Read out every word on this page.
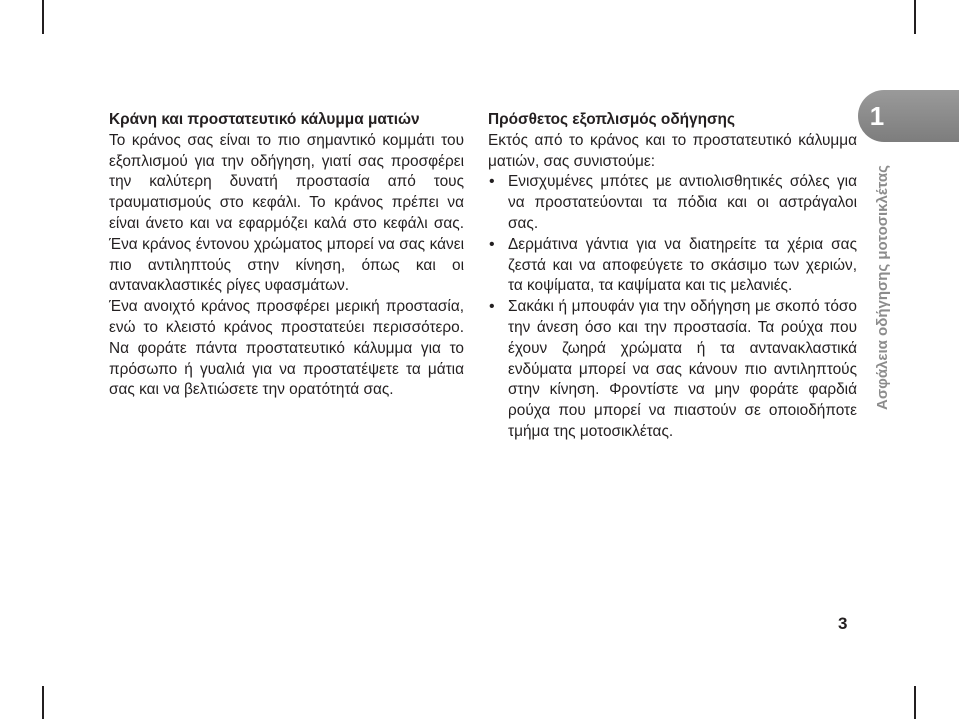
Κράνη και προστατευτικό κάλυμμα ματιών

Το κράνος σας είναι το πιο σημαντικό κομμάτι του εξοπλισμού για την οδήγηση, γιατί σας προσφέρει την καλύτερη δυνατή προστασία από τους τραυματισμούς στο κεφάλι. Το κράνος πρέπει να είναι άνετο και να εφαρμόζει καλά στο κεφάλι σας. Ένα κράνος έντονου χρώματος μπορεί να σας κάνει πιο αντιληπτούς στην κίνηση, όπως και οι αντανακλαστικές ρίγες υφασμάτων.

Ένα ανοιχτό κράνος προσφέρει μερική προστασία, ενώ το κλειστό κράνος προστατεύει περισσότερο. Να φοράτε πάντα προστατευτικό κάλυμμα για το πρόσωπο ή γυαλιά για να προστατέψετε τα μάτια σας και να βελτιώσετε την ορατότητά σας.

Πρόσθετος εξοπλισμός οδήγησης

Εκτός από το κράνος και το προστατευτικό κάλυμμα ματιών, σας συνιστούμε:

• Ενισχυμένες μπότες με αντιολισθητικές σόλες για να προστατεύονται τα πόδια και οι αστράγαλοι σας.
• Δερμάτινα γάντια για να διατηρείτε τα χέρια σας ζεστά και να αποφεύγετε το σκάσιμο των χεριών, τα κοψίματα, τα καψίματα και τις μελανιές.
• Σακάκι ή μπουφάν για την οδήγηση με σκοπό τόσο την άνεση όσο και την προστασία. Τα ρούχα που έχουν ζωηρά χρώματα ή τα αντανακλαστικά ενδύματα μπορεί να σας κάνουν πιο αντιληπτούς στην κίνηση. Φροντίστε να μην φοράτε φαρδιά ρούχα που μπορεί να πιαστούν σε οποιοδήποτε τμήμα της μοτοσικλέτας.
1
Ασφάλεια οδήγησης μοτοσικλέτας
3
